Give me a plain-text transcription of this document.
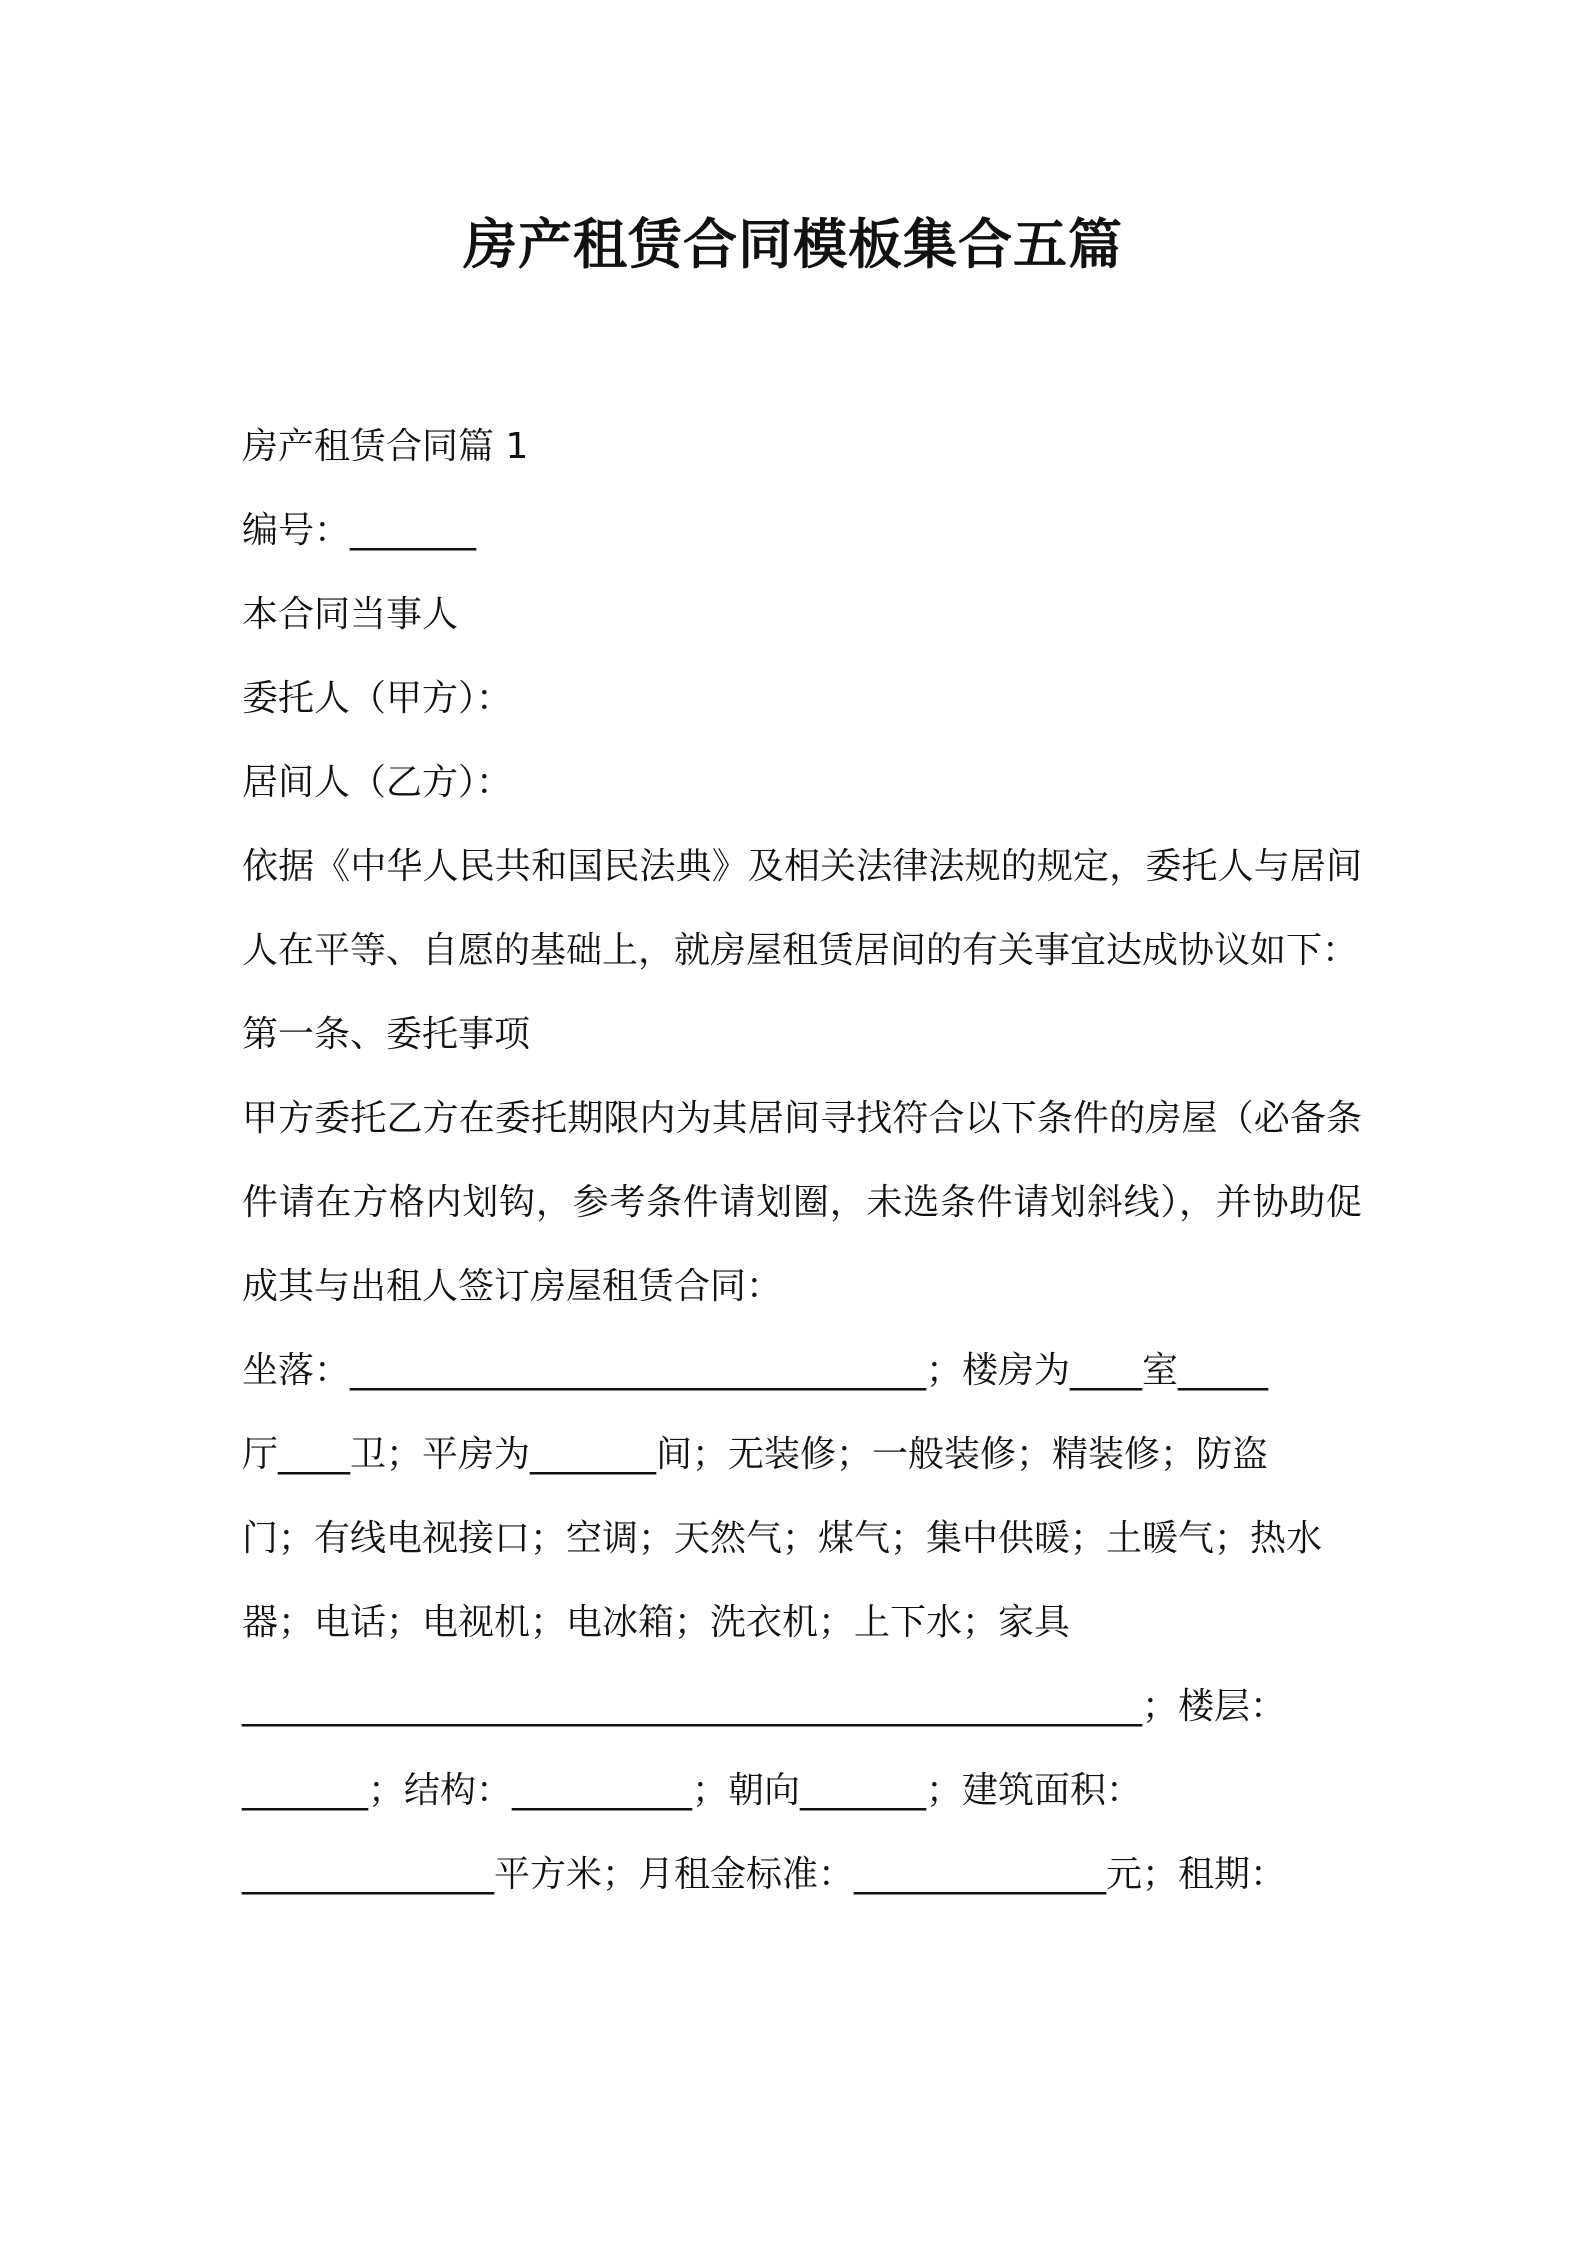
房产租赁合同模板集合五篇

房产租赁合同篇 1

编号：_______

本合同当事人

委托人（甲方）：

居间人（乙方）：

依据《中华人民共和国民法典》及相关法律法规的规定，委托人与居间人在平等、自愿的基础上，就房屋租赁居间的有关事宜达成协议如下：

第一条、委托事项

甲方委托乙方在委托期限内为其居间寻找符合以下条件的房屋（必备条件请在方格内划钩，参考条件请划圈，未选条件请划斜线），并协助促成其与出租人签订房屋租赁合同：

坐落：________________________________；楼房为____室_____

厅____卫；平房为_______间；无装修；一般装修；精装修；防盗

门；有线电视接口；空调；天然气；煤气；集中供暖；土暖气；热水

器；电话；电视机；电冰箱；洗衣机；上下水；家具

__________________________________________________；楼层：

_______；结构：__________；朝向_______；建筑面积：

______________平方米；月租金标准：______________元；租期：
